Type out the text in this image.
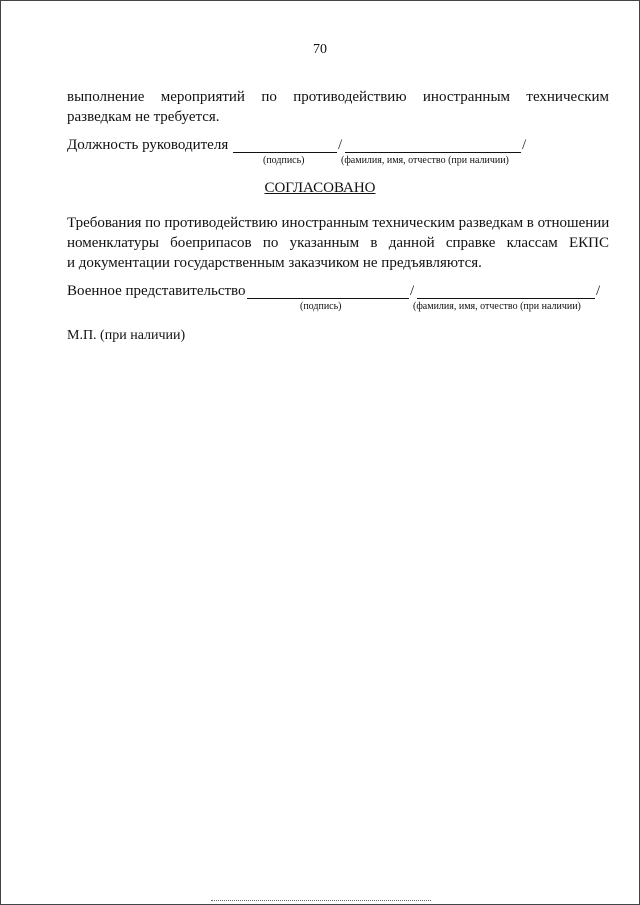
70
выполнение мероприятий по противодействию иностранным техническим
разведкам не требуется.
Должность руководителя	/	/
(подпись)	(фамилия, имя, отчество (при наличии)
СОГЛАСОВАНО
Требования по противодействию иностранным техническим разведкам в отношении
номенклатуры боеприпасов по указанным в данной справке классам ЕКПС
и документации государственным заказчиком не предъявляются.
Военное представительство	/	/
(подпись)	(фамилия, имя, отчество (при наличии)
М.П. (при наличии)
